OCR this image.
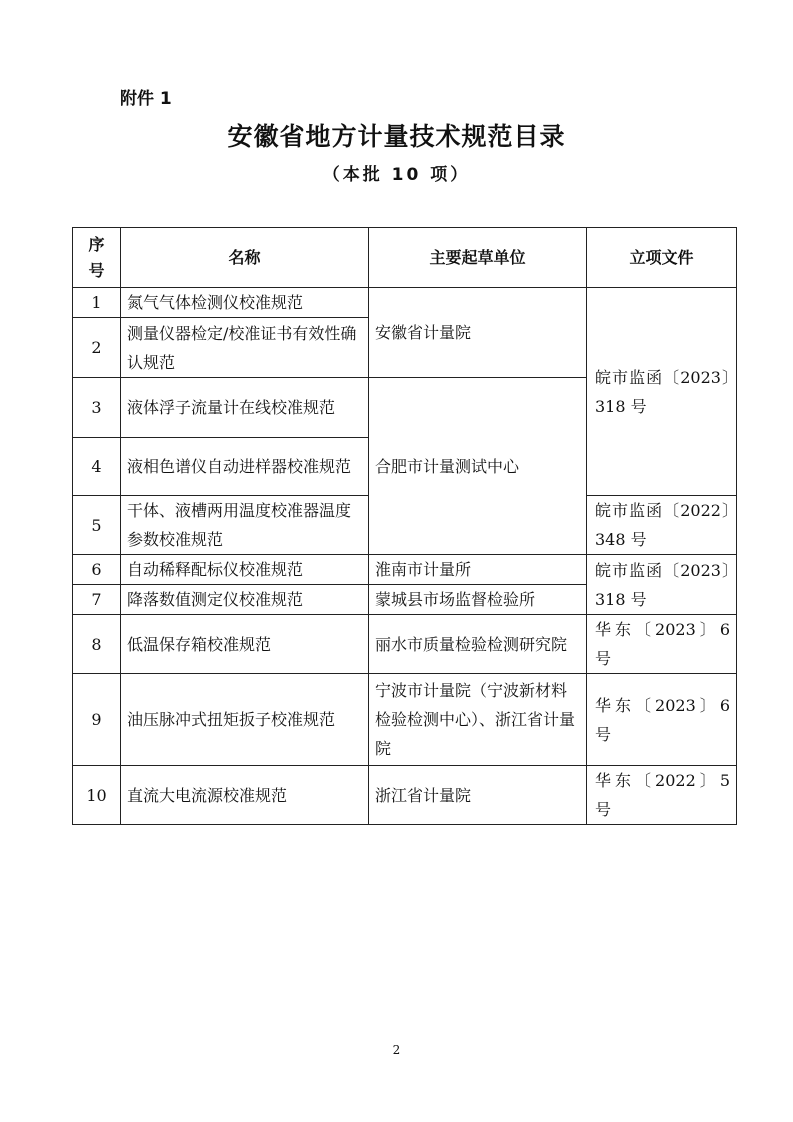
附件 1
安徽省地方计量技术规范目录
（本批 10 项）
序号	名称	主要起草单位	立项文件
1	氮气气体检测仪校准规范	安徽省计量院	皖市监函〔2023〕318 号
2	测量仪器检定/校准证书有效性确认规范		
3	液体浮子流量计在线校准规范	合肥市计量测试中心	
4	液相色谱仪自动进样器校准规范		
5	干体、液槽两用温度校准器温度参数校准规范		皖市监函〔2022〕348 号
6	自动稀释配标仪校准规范	淮南市计量所	皖市监函〔2023〕318 号
7	降落数值测定仪校准规范	蒙城县市场监督检验所	
8	低温保存箱校准规范	丽水市质量检验检测研究院	华东〔2023〕6 号
9	油压脉冲式扭矩扳子校准规范	宁波市计量院（宁波新材料检验检测中心）、浙江省计量院	华东〔2023〕6 号
10	直流大电流源校准规范	浙江省计量院	华东〔2022〕5 号
2
